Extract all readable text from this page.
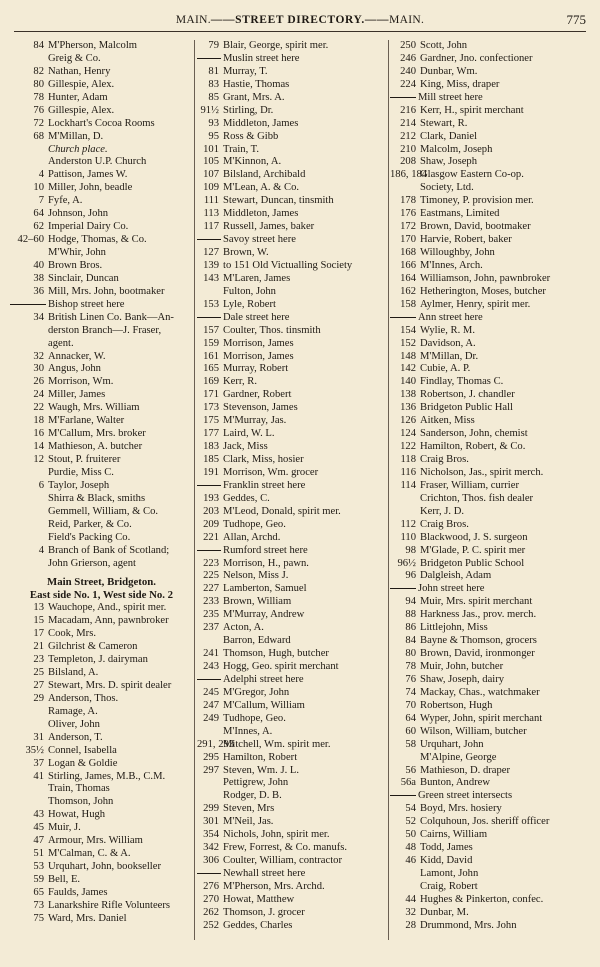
MAIN.——STREET DIRECTORY.——MAIN.	775
84 M'Pherson, Malcolm
Greig & Co.
82 Nathan, Henry
80 Gillespie, Alex.
78 Hunter, Adam
76 Gillespie, Alex.
72 Lockhart's Cocoa Rooms
68 M'Millan, D.
Church place.
Anderston U.P. Church
4 Pattison, James W.
10 Miller, John, beadle
7 Fyfe, A.
64 Johnson, John
62 Imperial Dairy Co.
42–60 Hodge, Thomas, & Co.
M'Whir, John
40 Brown Bros.
38 Sinclair, Duncan
36 Mill, Mrs. John, bootmaker
Bishop street here
34 British Linen Co. Bank—An-
derston Branch—J. Fraser,
agent.
32 Annacker, W.
30 Angus, John
26 Morrison, Wm.
24 Miller, James
22 Waugh, Mrs. William
18 M'Farlane, Walter
16 M'Callum, Mrs. broker
14 Mathieson, A. butcher
12 Stout, P. fruiterer
Purdie, Miss C.
6 Taylor, Joseph
Shirra & Black, smiths
Gemmell, William, & Co.
Reid, Parker, & Co.
Field's Packing Co.
4 Branch of Bank of Scotland;
John Grierson, agent
Main Street, Bridgeton.
East side No. 1, West side No. 2
13 Wauchope, And., spirit mer.
15 Macadam, Ann, pawnbroker
17 Cook, Mrs.
21 Gilchrist & Cameron
23 Templeton, J. dairyman
25 Bilsland, A.
27 Stewart, Mrs. D. spirit dealer
29 Anderson, Thos.
Ramage, A.
Oliver, John
31 Anderson, T.
35½ Connel, Isabella
37 Logan & Goldie
41 Stirling, James, M.B., C.M.
Train, Thomas
Thomson, John
43 Howat, Hugh
45 Muir, J.
47 Armour, Mrs. William
51 M'Calman, C. & A.
53 Urquhart, John, bookseller
59 Bell, E.
65 Faulds, James
73 Lanarkshire Rifle Volunteers
75 Ward, Mrs. Daniel
79 Blair, George, spirit mer.
Muslin street here
81 Murray, T.
83 Hastie, Thomas
85 Grant, Mrs. A.
91½ Stirling, Dr.
93 Middleton, James
95 Ross & Gibb
101 Train, T.
105 M'Kinnon, A.
107 Bilsland, Archibald
109 M'Lean, A. & Co.
111 Stewart, Duncan, tinsmith
113 Middleton, James
117 Russell, James, baker
Savoy street here
127 Brown, W.
139 to 151 Old Victualling Society
143 M'Laren, James
Fulton, John
153 Lyle, Robert
Dale street here
157 Coulter, Thos. tinsmith
159 Morrison, James
161 Morrison, James
165 Murray, Robert
169 Kerr, R.
171 Gardner, Robert
173 Stevenson, James
175 M'Murray, Jas.
177 Laird, W. L.
183 Jack, Miss
185 Clark, Miss, hosier
191 Morrison, Wm. grocer
Franklin street here
193 Geddes, C.
203 M'Leod, Donald, spirit mer.
209 Tudhope, Geo.
221 Allan, Archd.
Rumford street here
223 Morrison, H., pawn.
225 Nelson, Miss J.
227 Lamberton, Samuel
233 Brown, William
235 M'Murray, Andrew
237 Acton, A.
Barron, Edward
241 Thomson, Hugh, butcher
243 Hogg, Geo. spirit merchant
Adelphi street here
245 M'Gregor, John
247 M'Callum, William
249 Tudhope, Geo.
M'Innes, A.
291, 293Mitchell, Wm. spirit mer.
295 Hamilton, Robert
297 Steven, Wm. J. L.
Pettigrew, John
Rodger, D. B.
299 Steven, Mrs
301 M'Neil, Jas.
354 Nichols, John, spirit mer.
342 Frew, Forrest, & Co. manufs.
306 Coulter, William, contractor
Newhall street here
276 M'Pherson, Mrs. Archd.
270 Howat, Matthew
262 Thomson, J. grocer
252 Geddes, Charles
250 Scott, John
246 Gardner, Jno. confectioner
240 Dunbar, Wm.
224 King, Miss, draper
Mill street here
216 Kerr, H., spirit merchant
214 Stewart, R.
212 Clark, Daniel
210 Malcolm, Joseph
208 Shaw, Joseph
186, 184Glasgow Eastern Co-op.
Society, Ltd.
178 Timoney, P. provision mer.
176 Eastmans, Limited
172 Brown, David, bootmaker
170 Harvie, Robert, baker
168 Willoughby, John
166 M'Innes, Arch.
164 Williamson, John, pawnbroker
162 Hetherington, Moses, butcher
158 Aylmer, Henry, spirit mer.
Ann street here
154 Wylie, R. M.
152 Davidson, A.
148 M'Millan, Dr.
142 Cubie, A. P.
140 Findlay, Thomas C.
138 Robertson, J. chandler
136 Bridgeton Public Hall
126 Aitken, Miss
124 Sanderson, John, chemist
122 Hamilton, Robert, & Co.
118 Craig Bros.
116 Nicholson, Jas., spirit merch.
114 Fraser, William, currier
Crichton, Thos. fish dealer
Kerr, J. D.
112 Craig Bros.
110 Blackwood, J. S. surgeon
98 M'Glade, P. C. spirit mer
96½ Bridgeton Public School
96 Dalgleish, Adam
John street here
94 Muir, Mrs. spirit merchant
88 Harkness Jas., prov. merch.
86 Littlejohn, Miss
84 Bayne & Thomson, grocers
80 Brown, David, ironmonger
78 Muir, John, butcher
76 Shaw, Joseph, dairy
74 Mackay, Chas., watchmaker
70 Robertson, Hugh
64 Wyper, John, spirit merchant
60 Wilson, William, butcher
58 Urquhart, John
M'Alpine, George
56 Mathieson, D. draper
56a Bunton, Andrew
Green street intersects
54 Boyd, Mrs. hosiery
52 Colquhoun, Jos. sheriff officer
50 Cairns, William
48 Todd, James
46 Kidd, David
Lamont, John
Craig, Robert
44 Hughes & Pinkerton, confec.
32 Dunbar, M.
28 Drummond, Mrs. John
